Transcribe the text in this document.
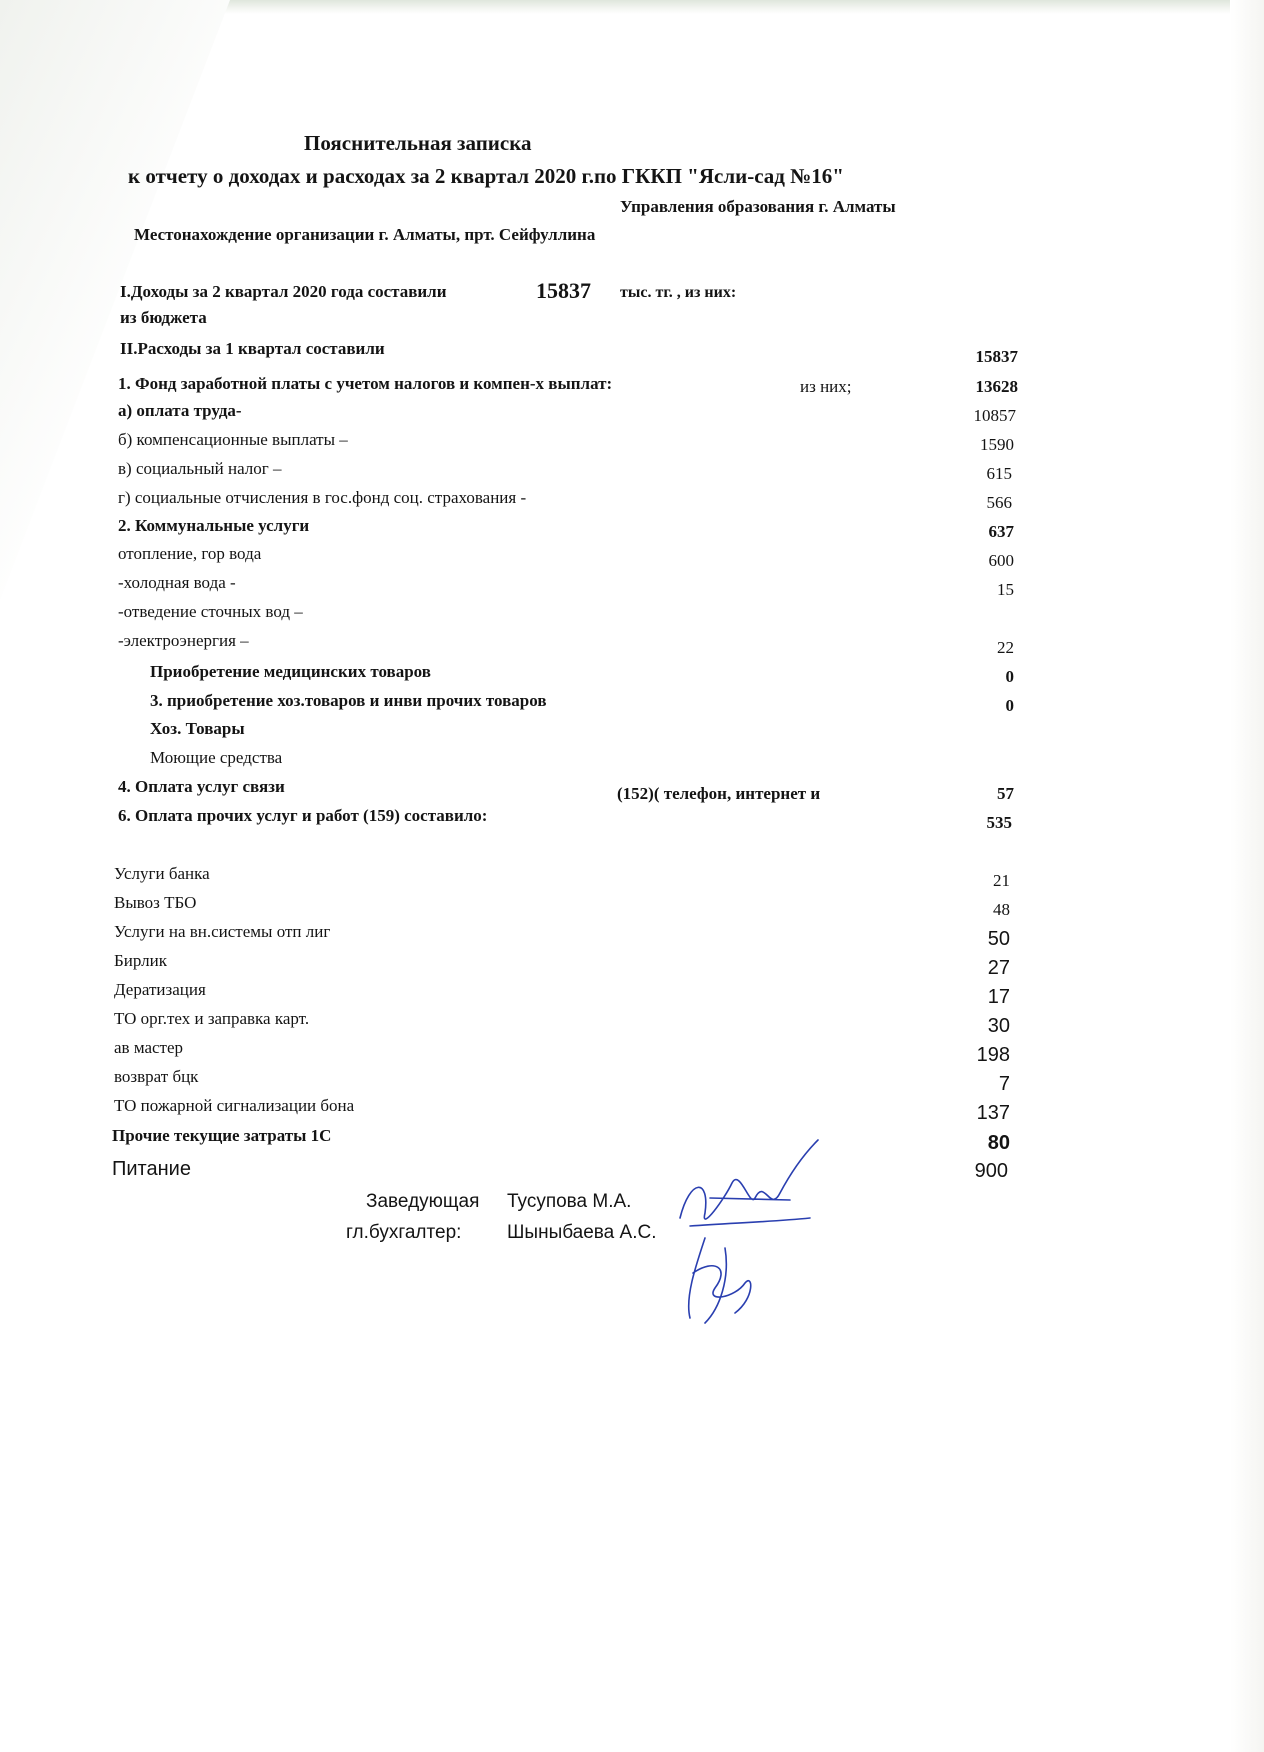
Пояснительная записка
к отчету о доходах и расходах за 2 квартал 2020 г.по ГККП "Ясли-сад №16"
Управления образования г. Алматы
Местонахождение организации г. Алматы, прт. Сейфуллина
I.Доходы за 2 квартал 2020 года составили	15837 тыс. тг. , из них:
из бюджета
II.Расходы за 1 квартал составили	15837
1. Фонд заработной платы с учетом налогов и компен-х выплат:	из них;	13628
а) оплата труда-	10857
б) компенсационные выплаты –	1590
в) социальный налог –	615
г) социальные отчисления в гос.фонд соц. страхования -	566
2. Коммунальные услуги	637
отопление, гор вода	600
-холодная вода -	15
-отведение сточных вод –
-электроэнергия –	22
Приобретение медицинских товаров	0
3. приобретение хоз.товаров и инви прочих товаров	0
Хоз. Товары
Моющие средства
4. Оплата услуг связи	(152)( телефон, интернет и	57
6. Оплата прочих услуг и работ (159) составило:	535
Услуги банка	21
Вывоз ТБО	48
Услуги на вн.системы отп лиг	50
Бирлик	27
Дератизация	17
ТО орг.тех и заправка карт.	30
ав мастер	198
возврат бцк	7
ТО пожарной сигнализации бона	137
Прочие текущие затраты 1С	80
Питание	900
Заведующая Тусупова М.А.
гл.бухгалтер: Шыныбаева А.С.
